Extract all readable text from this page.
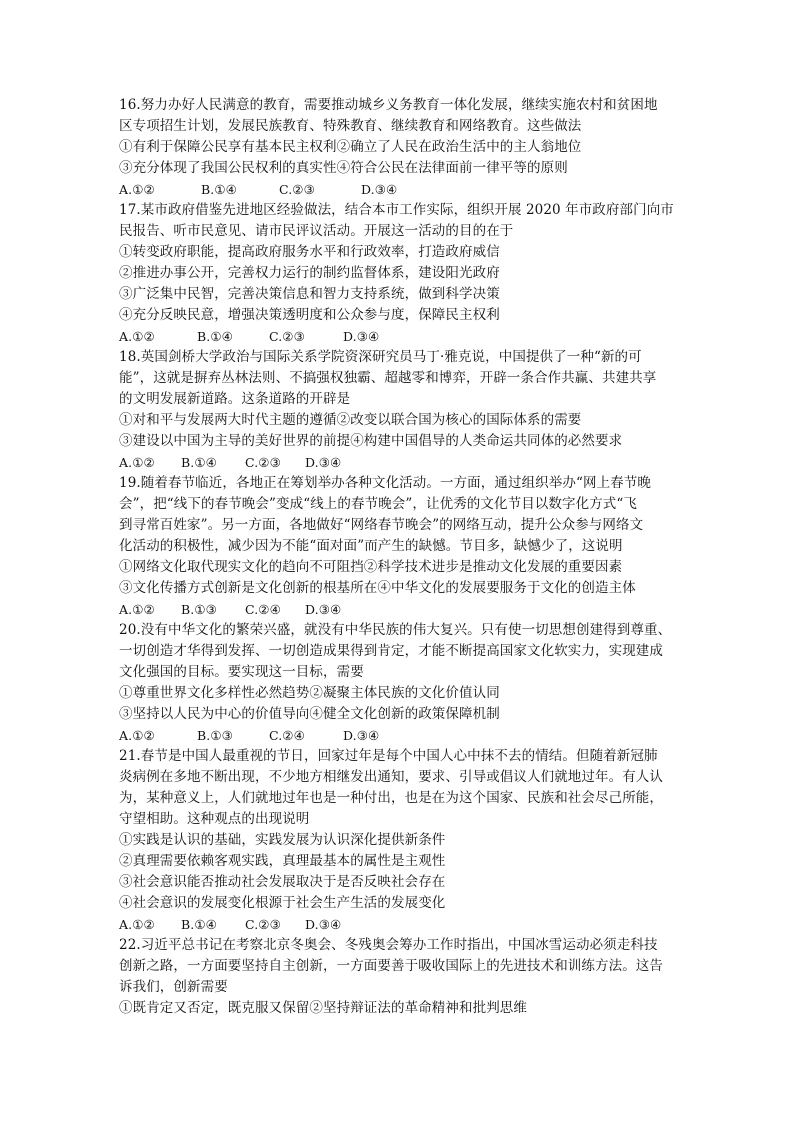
16.努力办好人民满意的教育，需要推动城乡义务教育一体化发展，继续实施农村和贫困地
区专项招生计划，发展民族教育、特殊教育、继续教育和网络教育。这些做法
①有利于保障公民享有基本民主权利②确立了人民在政治生活中的主人翁地位
③充分体现了我国公民权利的真实性④符合公民在法律面前一律平等的原则
A.①②	B.①④	C.②③	D.③④
17.某市政府借鉴先进地区经验做法，结合本市工作实际，组织开展 2020 年市政府部门向市
民报告、听市民意见、请市民评议活动。开展这一活动的目的在于
①转变政府职能，提高政府服务水平和行政效率，打造政府威信
②推进办事公开，完善权力运行的制约监督体系，建设阳光政府
③广泛集中民智，完善决策信息和智力支持系统，做到科学决策
④充分反映民意，增强决策透明度和公众参与度，保障民主权利
A.①②	B.①④	C.②③	D.③④
18.英国剑桥大学政治与国际关系学院资深研究员马丁·雅克说，中国提供了一种“新的可
能”，这就是摒弃丛林法则、不搞强权独霸、超越零和博弈，开辟一条合作共赢、共建共享
的文明发展新道路。这条道路的开辟是
①对和平与发展两大时代主题的遵循②改变以联合国为核心的国际体系的需要
③建设以中国为主导的美好世界的前提④构建中国倡导的人类命运共同体的必然要求
A.①②	B.①④	C.②③	D.③④
19.随着春节临近，各地正在筹划举办各种文化活动。一方面，通过组织举办“网上春节晚
会”，把“线下的春节晚会”变成“线上的春节晚会”，让优秀的文化节目以数字化方式“飞
到寻常百姓家”。另一方面，各地做好“网络春节晚会”的网络互动，提升公众参与网络文
化活动的积极性，减少因为不能“面对面”而产生的缺憾。节目多，缺憾少了，这说明
①网络文化取代现实文化的趋向不可阻挡②科学技术进步是推动文化发展的重要因素
③文化传播方式创新是文化创新的根基所在④中华文化的发展要服务于文化的创造主体
A.①②	B.①③	C.②④	D.③④
20.没有中华文化的繁荣兴盛，就没有中华民族的伟大复兴。只有使一切思想创建得到尊重、
一切创造才华得到发挥、一切创造成果得到肯定，才能不断提高国家文化软实力，实现建成
文化强国的目标。要实现这一目标，需要
①尊重世界文化多样性必然趋势②凝聚主体民族的文化价值认同
③坚持以人民为中心的价值导向④健全文化创新的政策保障机制
A.①②	B.①③	C.②④	D.③④
21.春节是中国人最重视的节日，回家过年是每个中国人心中抹不去的情结。但随着新冠肺
炎病例在多地不断出现，不少地方相继发出通知，要求、引导或倡议人们就地过年。有人认
为，某种意义上，人们就地过年也是一种付出，也是在为这个国家、民族和社会尽己所能，
守望相助。这种观点的出现说明
①实践是认识的基础，实践发展为认识深化提供新条件
②真理需要依赖客观实践，真理最基本的属性是主观性
③社会意识能否推动社会发展取决于是否反映社会存在
④社会意识的发展变化根源于社会生产生活的发展变化
A.①②	B.①④	C.②③	D.③④
22.习近平总书记在考察北京冬奥会、冬残奥会筹办工作时指出，中国冰雪运动必须走科技
创新之路，一方面要坚持自主创新，一方面要善于吸收国际上的先进技术和训练方法。这告
诉我们，创新需要
①既肯定又否定，既克服又保留②坚持辩证法的革命精神和批判思维
